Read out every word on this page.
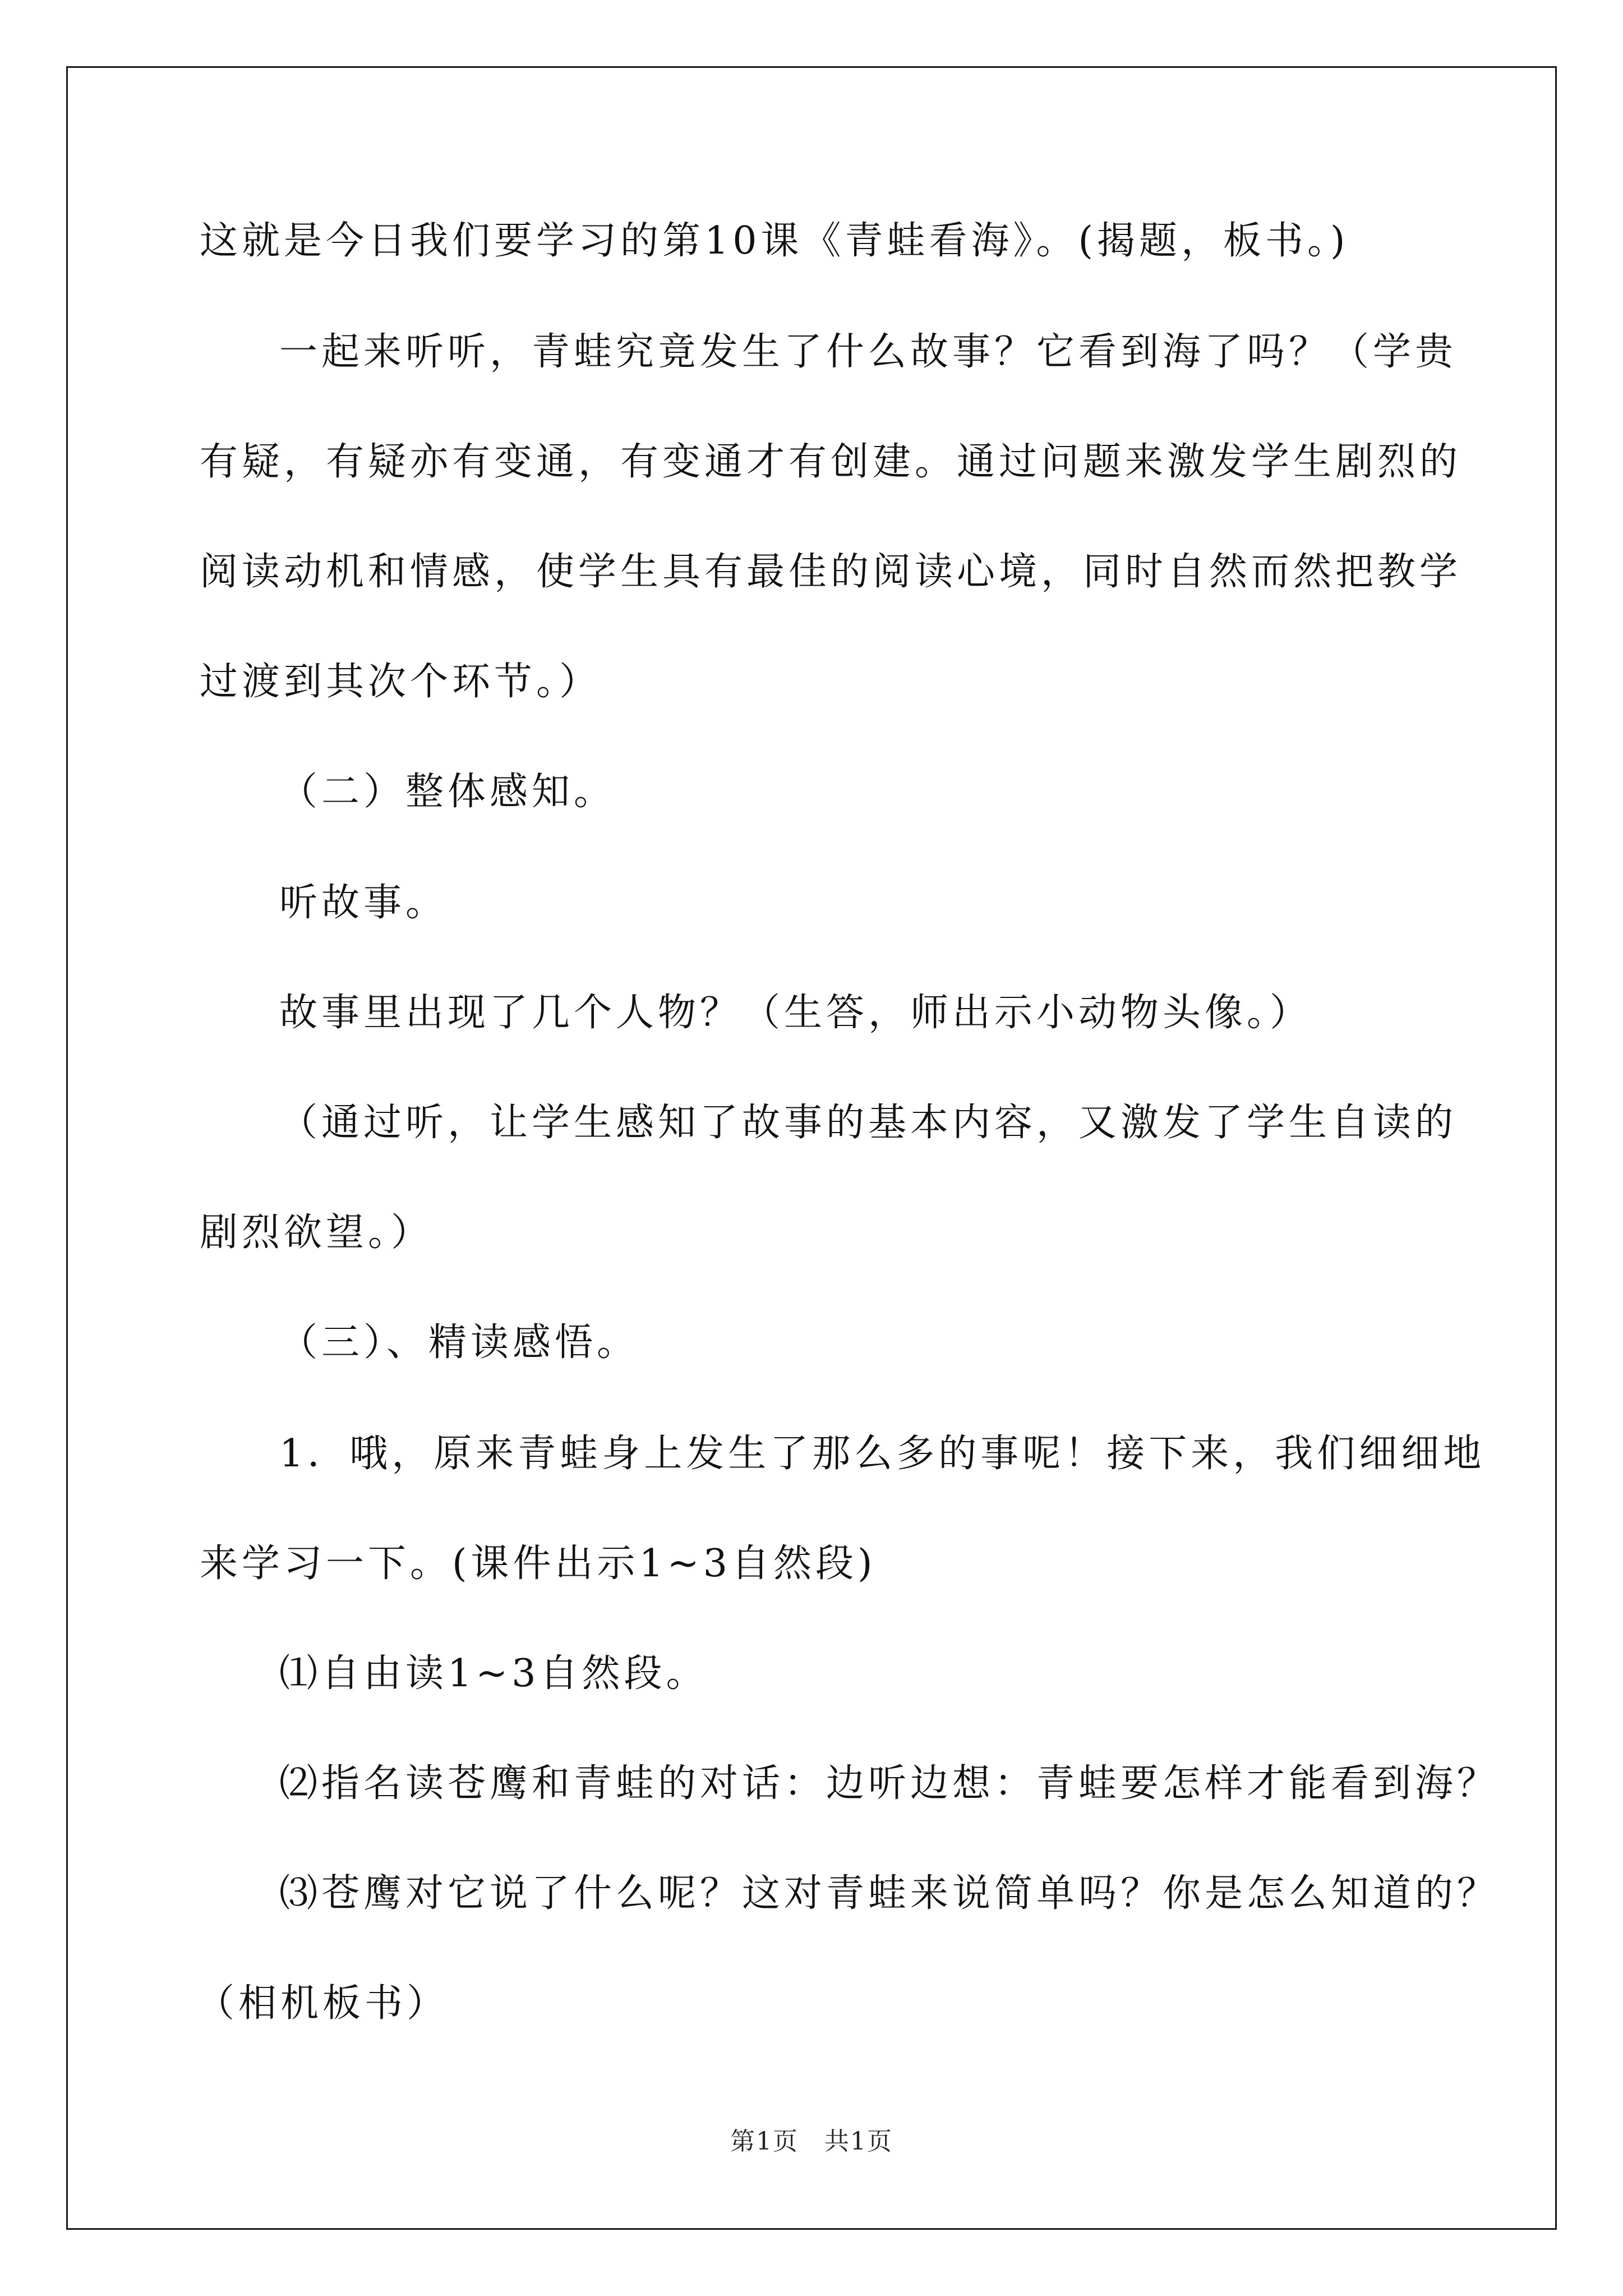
这就是今日我们要学习的第10课《青蛙看海》。(揭题，板书。)
一起来听听，青蛙究竟发生了什么故事？它看到海了吗？（学贵
有疑，有疑亦有变通，有变通才有创建。通过问题来激发学生剧烈的
阅读动机和情感，使学生具有最佳的阅读心境，同时自然而然把教学
过渡到其次个环节。）
（二）整体感知。
听故事。
故事里出现了几个人物？（生答，师出示小动物头像。）
（通过听，让学生感知了故事的基本内容，又激发了学生自读的
剧烈欲望。）
（三）、精读感悟。
1．哦，原来青蛙身上发生了那么多的事呢！接下来，我们细细地
来学习一下。(课件出示1~3自然段)
⑴自由读1~3自然段。
⑵指名读苍鹰和青蛙的对话：边听边想：青蛙要怎样才能看到海？
⑶苍鹰对它说了什么呢？这对青蛙来说简单吗？你是怎么知道的？
（相机板书）
第1页　共1页
